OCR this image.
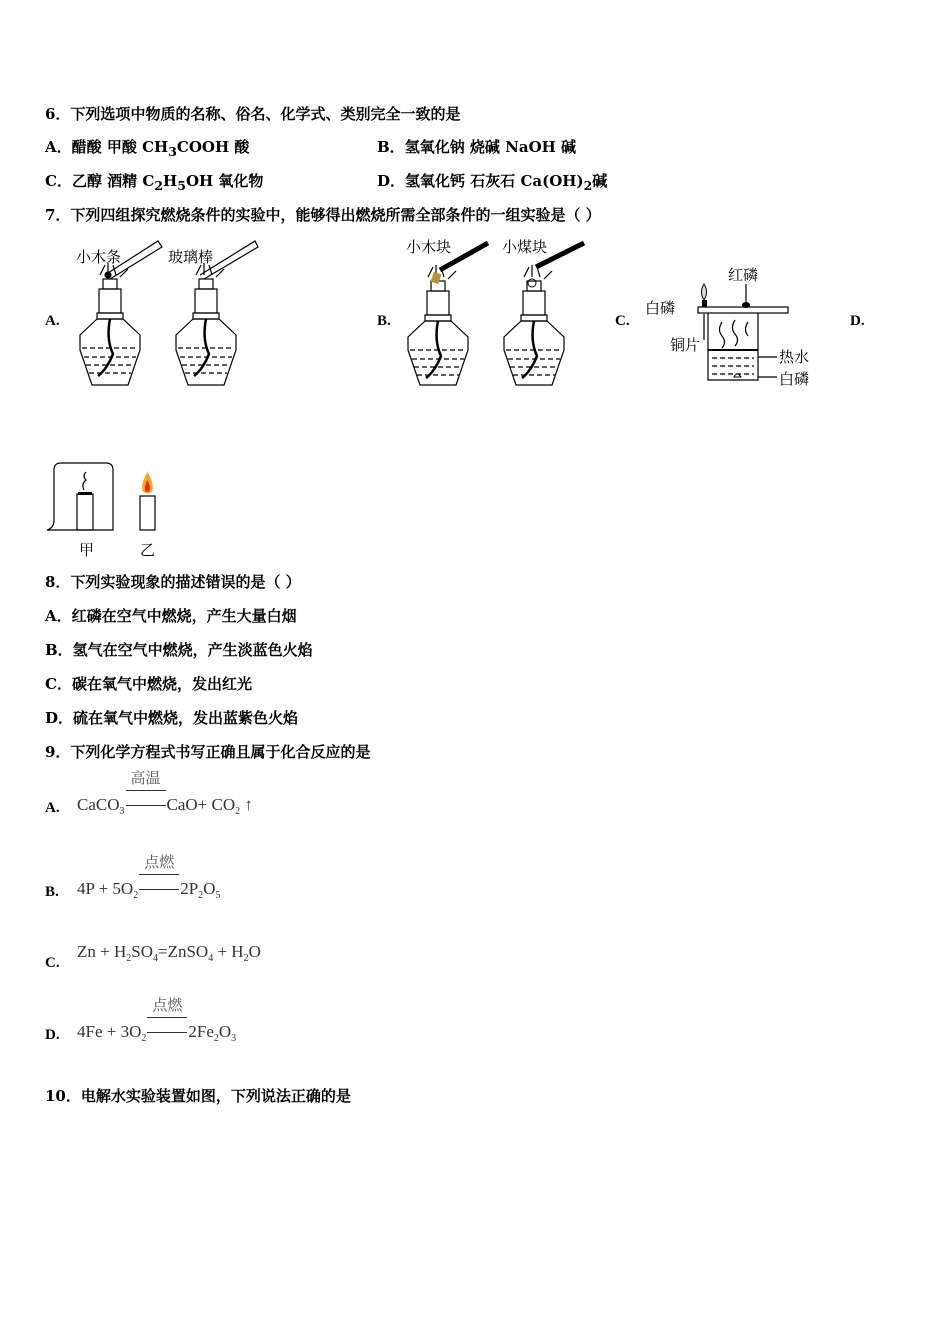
6．下列选项中物质的名称、俗名、化学式、类别完全一致的是
A．醋酸 甲酸 $CH_3COOH$ 酸	B．氢氧化钠 烧碱 NaOH 碱
C．乙醇 酒精 $C_2H_5OH$ 氧化物	D．氢氧化钙 石灰石 $Ca(OH)_2$碱
7．下列四组探究燃烧条件的实验中，能够得出燃烧所需全部条件的一组实验是（ ）
A.	B.	C.	D.
小木条	玻璃棒
小木块	小煤块
红磷
白磷
铜片
热水
白磷
甲	乙
8．下列实验现象的描述错误的是（ ）
A．红磷在空气中燃烧，产生大量白烟
B．氢气在空气中燃烧，产生淡蓝色火焰
C．碳在氧气中燃烧，发出红光
D．硫在氧气中燃烧，发出蓝紫色火焰
9．下列化学方程式书写正确且属于化合反应的是
A. CaCO$_3$
高温
$CaO+ CO_2$ ↑
B. $4P + 5O_2$
点燃
$2P_2O_5$
C.
$Zn + H_2SO_4=ZnSO_4 + H_2O$
D. $4Fe + 3O_2$
点燃
$2Fe_2O_3$
10．电解水实验装置如图，下列说法正确的是
